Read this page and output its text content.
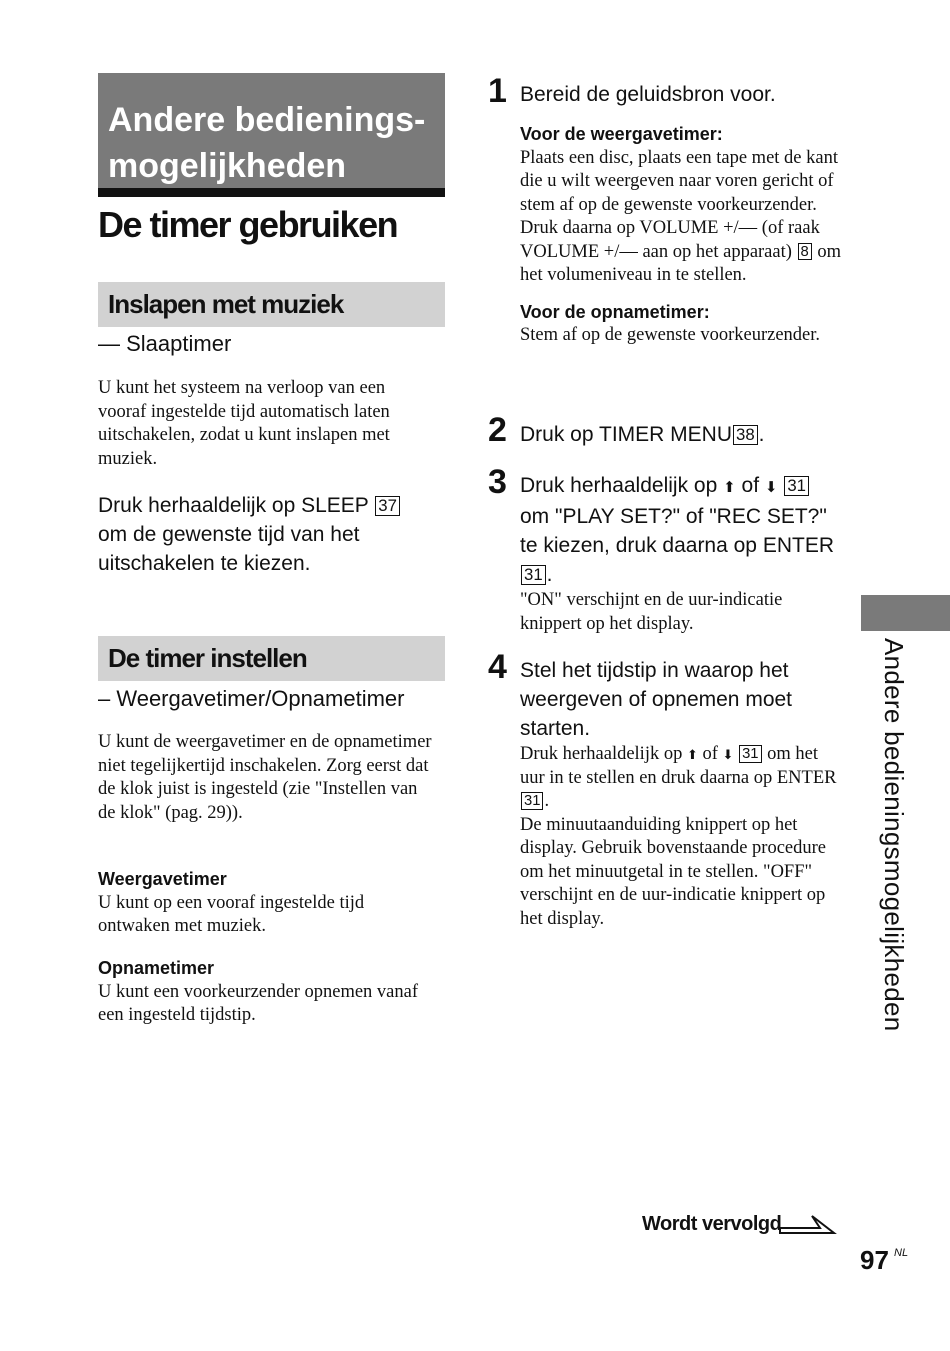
Andere bedienings-
mogelijkheden
De timer gebruiken
Inslapen met muziek
— Slaaptimer
U kunt het systeem na verloop van een vooraf ingestelde tijd automatisch laten uitschakelen, zodat u kunt inslapen met muziek.
Druk herhaaldelijk op SLEEP 37 om de gewenste tijd van het uitschakelen te kiezen.
De timer instellen
– Weergavetimer/Opnametimer
U kunt de weergavetimer en de opnametimer niet tegelijkertijd inschakelen. Zorg eerst dat de klok juist is ingesteld (zie "Instellen van de klok" (pag. 29)).
Weergavetimer
U kunt op een vooraf ingestelde tijd ontwaken met muziek.
Opnametimer
U kunt een voorkeurzender opnemen vanaf een ingesteld tijdstip.
1 Bereid de geluidsbron voor.
Voor de weergavetimer:
Plaats een disc, plaats een tape met de kant die u wilt weergeven naar voren gericht of stem af op de gewenste voorkeurzender. Druk daarna op VOLUME +/— (of raak VOLUME +/— aan op het apparaat) 8 om het volumeniveau in te stellen.
Voor de opnametimer:
Stem af op de gewenste voorkeurzender.
2 Druk op TIMER MENU 38 .
3 Druk herhaaldelijk op ⬆ of ⬇ 31 om "PLAY SET?" of "REC SET?" te kiezen, druk daarna op ENTER 31 .
"ON" verschijnt en de uur-indicatie knippert op het display.
4 Stel het tijdstip in waarop het weergeven of opnemen moet starten.
Druk herhaaldelijk op ⬆ of ⬇ 31 om het uur in te stellen en druk daarna op ENTER 31 .
De minuutaanduiding knippert op het display. Gebruik bovenstaande procedure om het minuutgetal in te stellen. "OFF" verschijnt en de uur-indicatie knippert op het display.	Andere bedieningsmogelijkheden
Wordt vervolgd
97 NL
